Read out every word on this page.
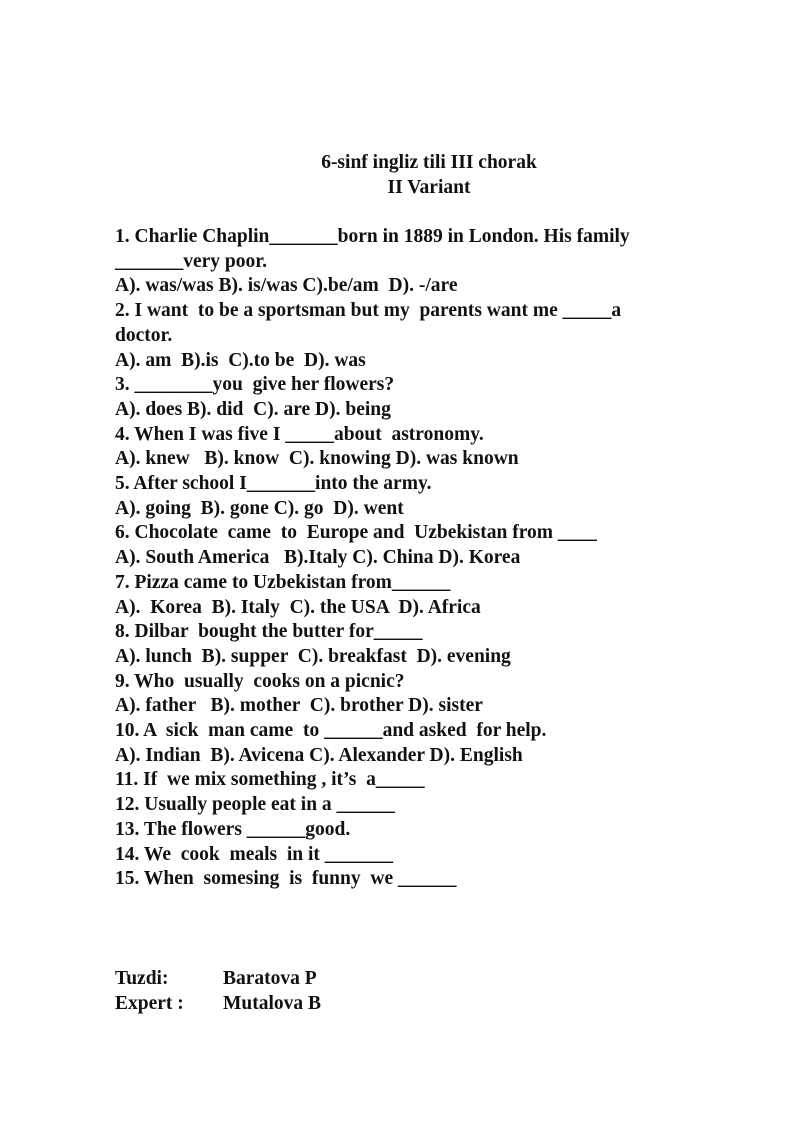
6-sinf ingliz tili III chorak
II Variant

1. Charlie Chaplin_______born in 1889 in London. His family

_______very poor.

A). was/was B). is/was C).be/am  D). -/are

2. I want  to be a sportsman but my  parents want me _____a

doctor.

A). am  B).is  C).to be  D). was

3. ________you  give her flowers?

A). does B). did  C). are D). being

4. When I was five I _____about  astronomy.

A). knew   B). know  C). knowing D). was known

5. After school I_______into the army.

A). going  B). gone C). go  D). went

6. Chocolate  came  to  Europe and  Uzbekistan from ____

A). South America   B).Italy C). China D). Korea

7. Pizza came to Uzbekistan from______

A).  Korea  B). Italy  C). the USA  D). Africa

8. Dilbar  bought the butter for_____

A). lunch  B). supper  C). breakfast  D). evening

9. Who  usually  cooks on a picnic?

A). father   B). mother  C). brother D). sister

10. A  sick  man came  to ______and asked  for help.

A). Indian  B). Avicena C). Alexander D). English

11. If  we mix something , it’s  a_____

12. Usually people eat in a ______

13. The flowers ______good.

14. We  cook  meals  in it _______

15. When  somesing  is  funny  we ______

Tuzdi:	Baratova P
Expert :	Mutalova B
